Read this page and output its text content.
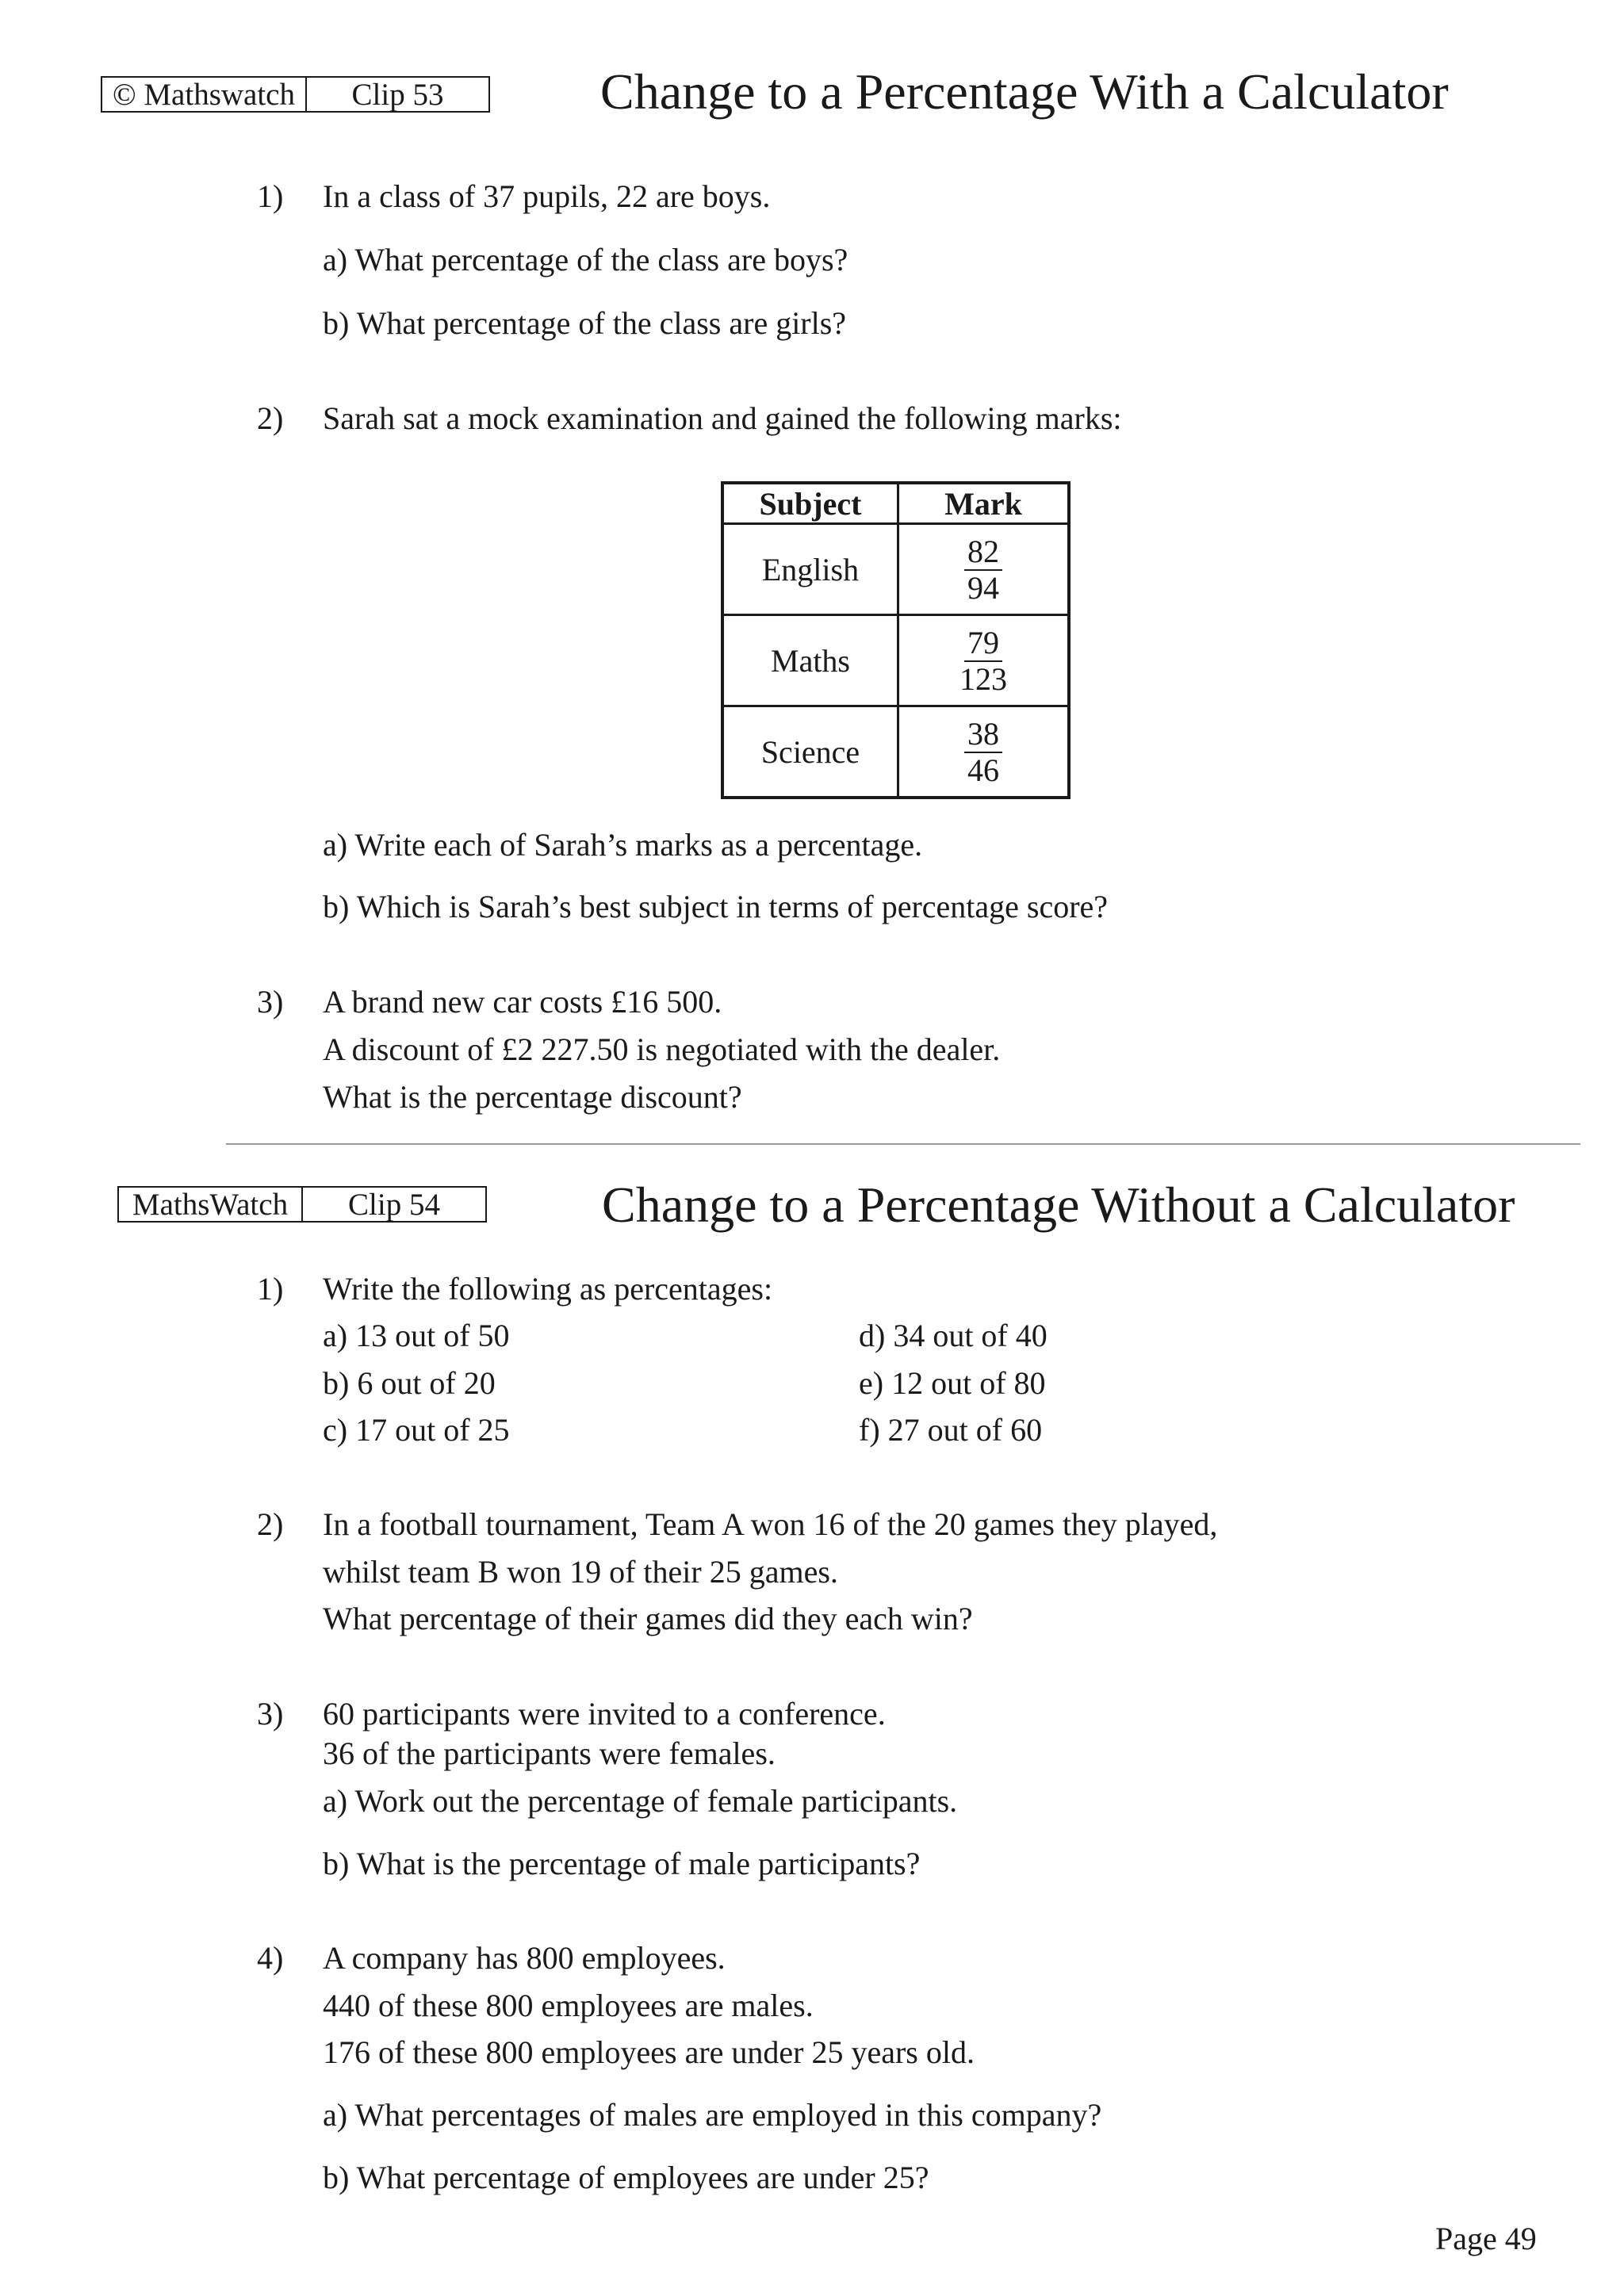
© Mathswatch	Clip 53	Change to a Percentage With a Calculator
1) In a class of 37 pupils, 22 are boys.
a) What percentage of the class are boys?
b) What percentage of the class are girls?
2) Sarah sat a mock examination and gained the following marks:
Subject	Mark
English	$\frac{82}{94}$

Maths	$\frac{79}{123}$

Science	$\frac{38}{46}$
a) Write each of Sarah’s marks as a percentage.
b) Which is Sarah’s best subject in terms of percentage score?
3) A brand new car costs £16 500.
A discount of £2 227.50 is negotiated with the dealer.
What is the percentage discount?
MathsWatch	Clip 54	Change to a Percentage Without a Calculator
1) Write the following as percentages:
a) 13 out of 50
b) 6 out of 20
c) 17 out of 25
d) 34 out of 40
e) 12 out of 80
f) 27 out of 60
2) In a football tournament, Team A won 16 of the 20 games they played,
whilst team B won 19 of their 25 games.
What percentage of their games did they each win?
3) 60 participants were invited to a conference.
36 of the participants were females.
a) Work out the percentage of female participants.
b) What is the percentage of male participants?
4) A company has 800 employees.
440 of these 800 employees are males.
176 of these 800 employees are under 25 years old.
a) What percentages of males are employed in this company?
b) What percentage of employees are under 25?
Page 49
